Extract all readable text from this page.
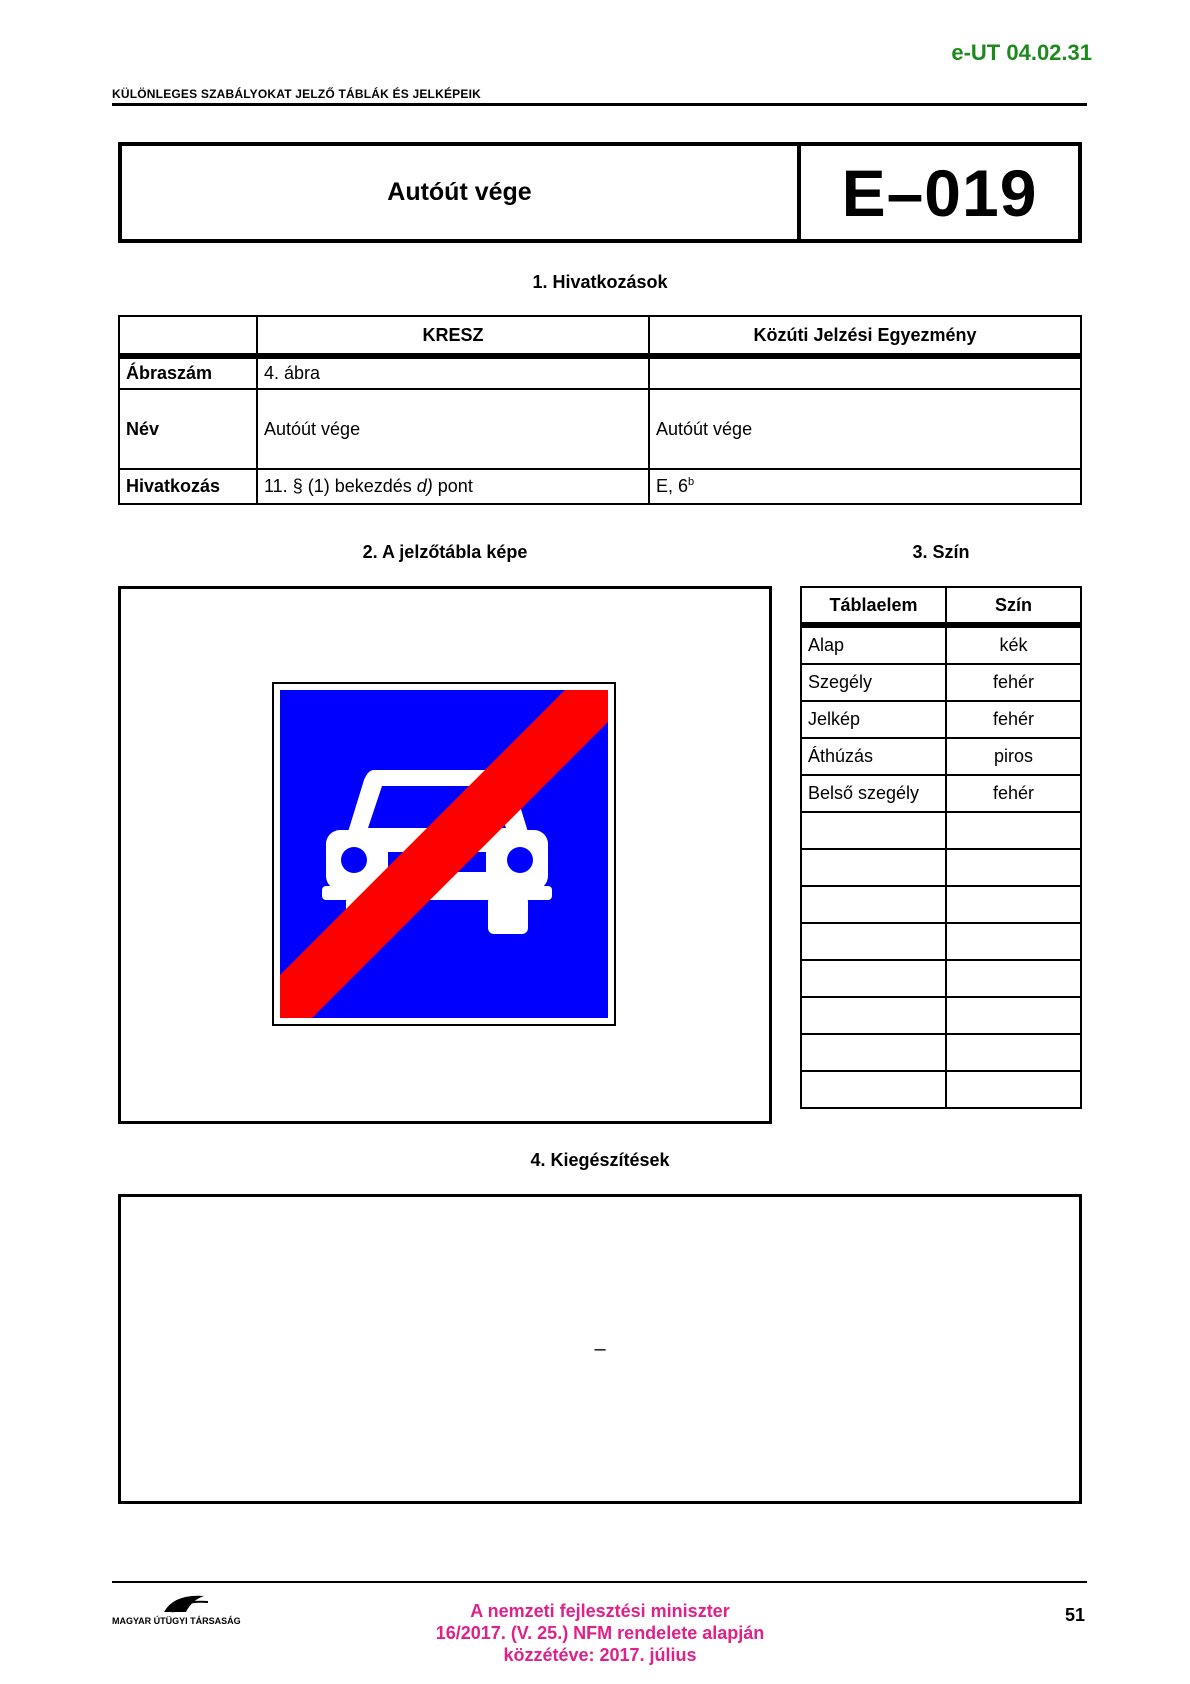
e-UT 04.02.31
KÜLÖNLEGES SZABÁLYOKAT JELZŐ TÁBLÁK ÉS JELKÉPEIK
Autóút vége	E–019
1. Hivatkozások
	KRESZ	Közúti Jelzési Egyezmény
Ábraszám	4. ábra	
Név	Autóút vége	Autóút vége
Hivatkozás	11. § (1) bekezdés d) pont	E, 6$^b$
2. A jelzőtábla képe	3. Szín
Táblaelem	Szín
Alap	kék
Szegély	fehér
Jelkép	fehér
Áthúzás	piros
Belső szegély	fehér

4. Kiegészítések
–
MAGYAR ÚTÜGYI TÁRSASÁG	A nemzeti fejlesztési miniszter
16/2017. (V. 25.) NFM rendelete alapján
közzétéve: 2017. július
51
